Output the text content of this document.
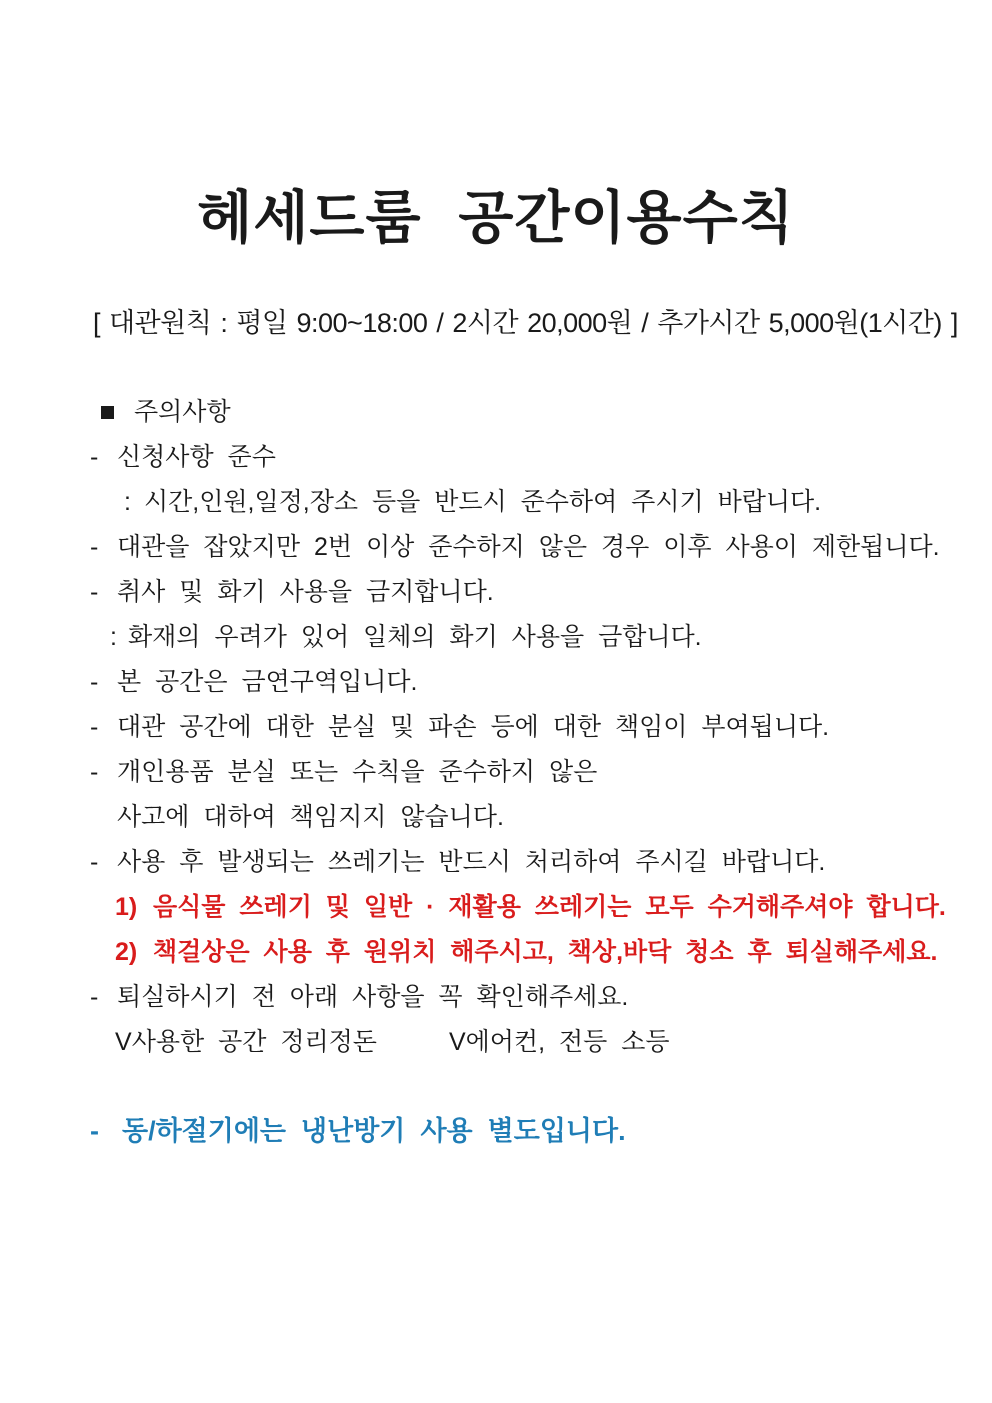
헤세드룸 공간이용수칙

[ 대관원칙 : 평일 9:00~18:00 / 2시간 20,000원 / 추가시간 5,000원(1시간) ]

주의사항
- 신청사항 준수
: 시간,인원,일정,장소 등을 반드시 준수하여 주시기 바랍니다.
- 대관을 잡았지만 2번 이상 준수하지 않은 경우 이후 사용이 제한됩니다.
- 취사 및 화기 사용을 금지합니다.
: 화재의 우려가 있어 일체의 화기 사용을 금합니다.
- 본 공간은 금연구역입니다.
- 대관 공간에 대한 분실 및 파손 등에 대한 책임이 부여됩니다.
- 개인용품 분실 또는 수칙을 준수하지 않은
사고에 대하여 책임지지 않습니다.
- 사용 후 발생되는 쓰레기는 반드시 처리하여 주시길 바랍니다.
1) 음식물 쓰레기 및 일반 · 재활용 쓰레기는 모두 수거해주셔야 합니다.
2) 책걸상은 사용 후 원위치 해주시고, 책상,바닥 청소 후 퇴실해주세요.
- 퇴실하시기 전 아래 사항을 꼭 확인해주세요.
V사용한 공간 정리정돈	V에어컨, 전등 소등

- 동/하절기에는 냉난방기 사용 별도입니다.
